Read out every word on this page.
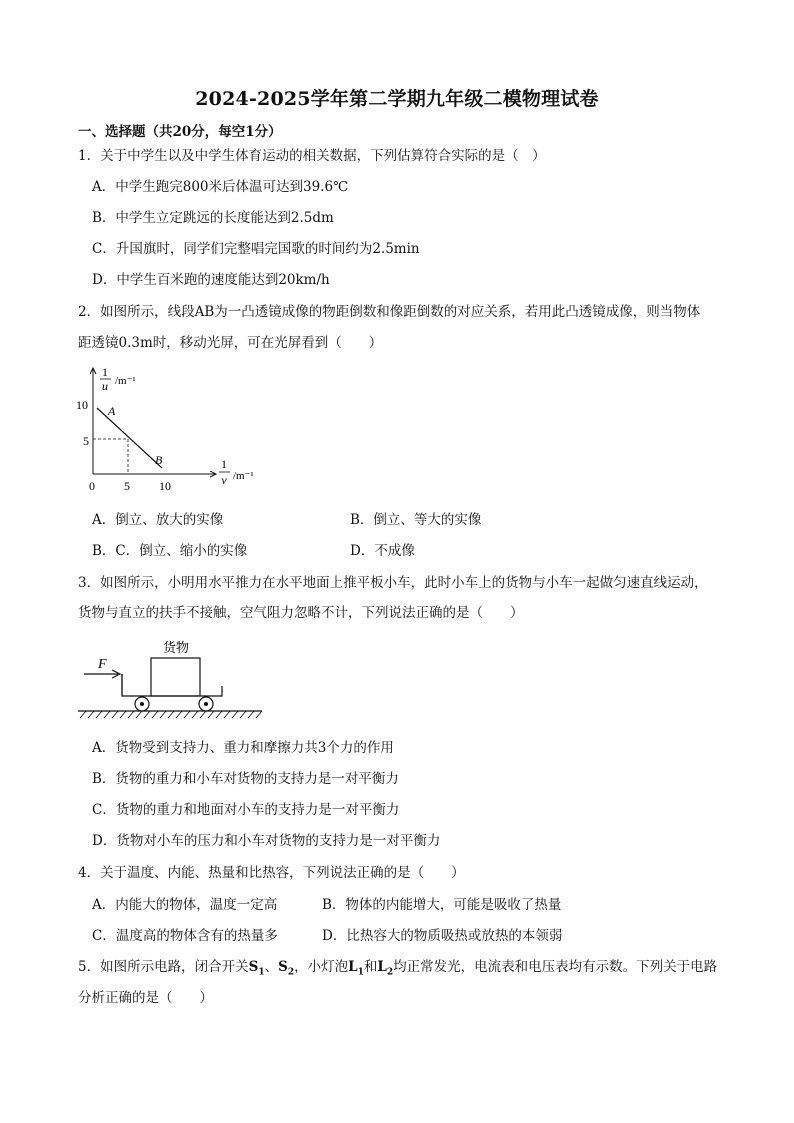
2024-2025学年第二学期九年级二模物理试卷
一、选择题（共20分，每空1分）
1．关于中学生以及中学生体育运动的相关数据，下列估算符合实际的是（　）
A．中学生跑完800米后体温可达到39.6℃
B．中学生立定跳远的长度能达到2.5dm
C．升国旗时，同学们完整唱完国歌的时间约为2.5min
D．中学生百米跑的速度能达到20km/h
2．如图所示，线段AB为一凸透镜成像的物距倒数和像距倒数的对应关系，若用此凸透镜成像，则当物体
距透镜0.3m时，移动光屏，可在光屏看到（　　）
1
u /m⁻¹
1
v /m⁻¹
10
5
0 5 10
A
B
A．倒立、放大的实像	B．倒立、等大的实像
B．C．倒立、缩小的实像	D．不成像
3．如图所示，小明用水平推力在水平地面上推平板小车，此时小车上的货物与小车一起做匀速直线运动，
货物与直立的扶手不接触，空气阻力忽略不计，下列说法正确的是（　　）
货物
F
A．货物受到支持力、重力和摩擦力共3个力的作用
B．货物的重力和小车对货物的支持力是一对平衡力
C．货物的重力和地面对小车的支持力是一对平衡力
D．货物对小车的压力和小车对货物的支持力是一对平衡力
4．关于温度、内能、热量和比热容，下列说法正确的是（　　）
A．内能大的物体，温度一定高	B．物体的内能增大，可能是吸收了热量
C．温度高的物体含有的热量多	D．比热容大的物质吸热或放热的本领弱
5．如图所示电路，闭合开关$S_1$、$S_2$，小灯泡$L_1$和$L_2$均正常发光，电流表和电压表均有示数。下列关于电路
分析正确的是（　　）
